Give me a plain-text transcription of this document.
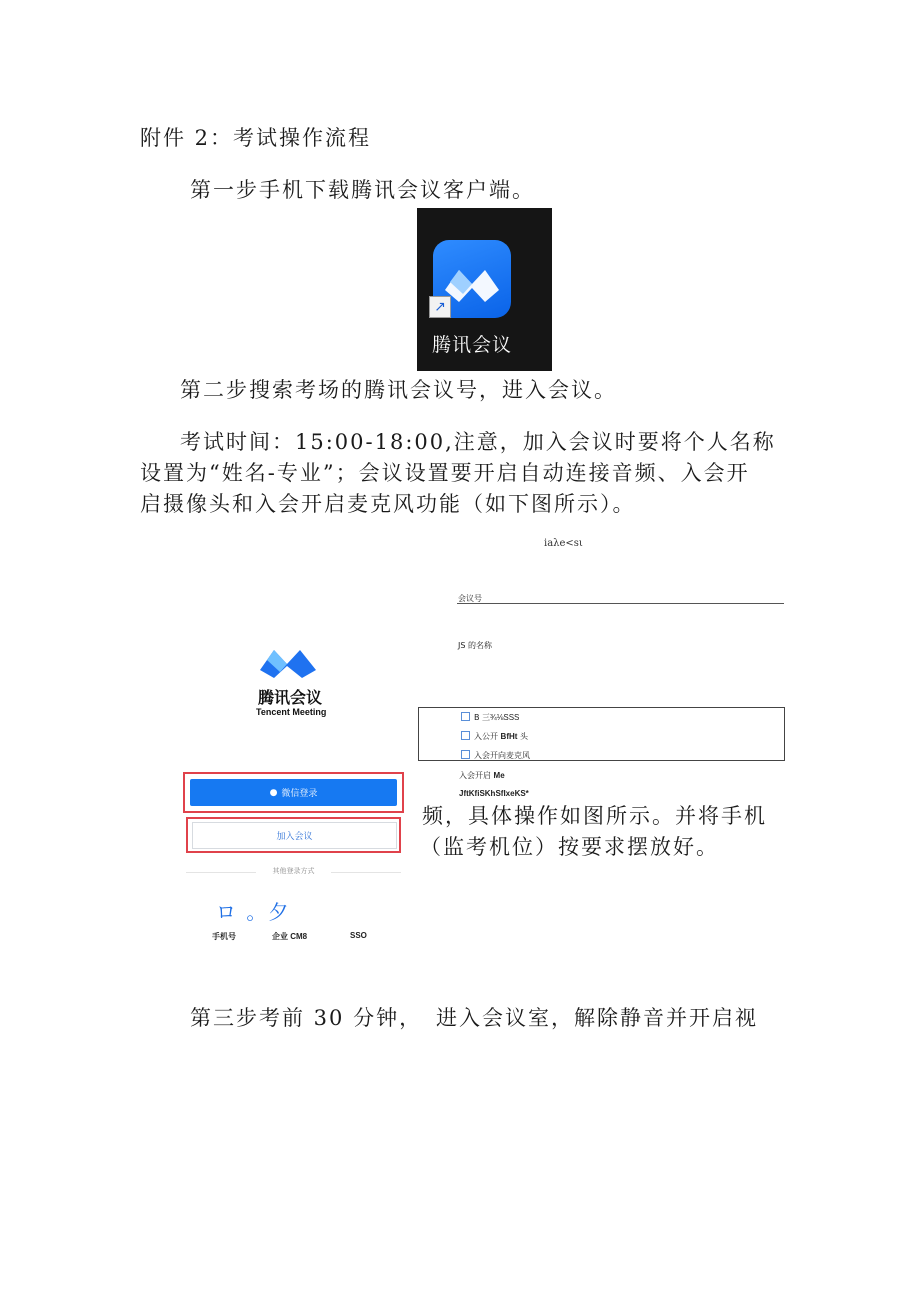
附件 2：考试操作流程
第一步手机下载腾讯会议客户端。
↗
腾讯会议
第二步搜索考场的腾讯会议号，进入会议。
考试时间：15:00-18:00,注意，加入会议时要将个人名称
设置为“姓名-专业”；会议设置要开启自动连接音频、入会开
启摄像头和入会开启麦克风功能（如下图所示）。
腾讯会议
Tencent Meeting
● 微信登录
加入会议
其他登录方式
ロ 。夕
手机号	企业 CM8	SSO
iaλe<sι
会议号
JS 的名称
B 三¾⅛SSS
入公开 BfHt 头
入会开向麦克风
入会开启 Me
JftKfiSKhSfIxeKS*
频，具体操作如图所示。并将手机
（监考机位）按要求摆放好。
第三步考前 30 分钟， 进入会议室，解除静音并开启视
